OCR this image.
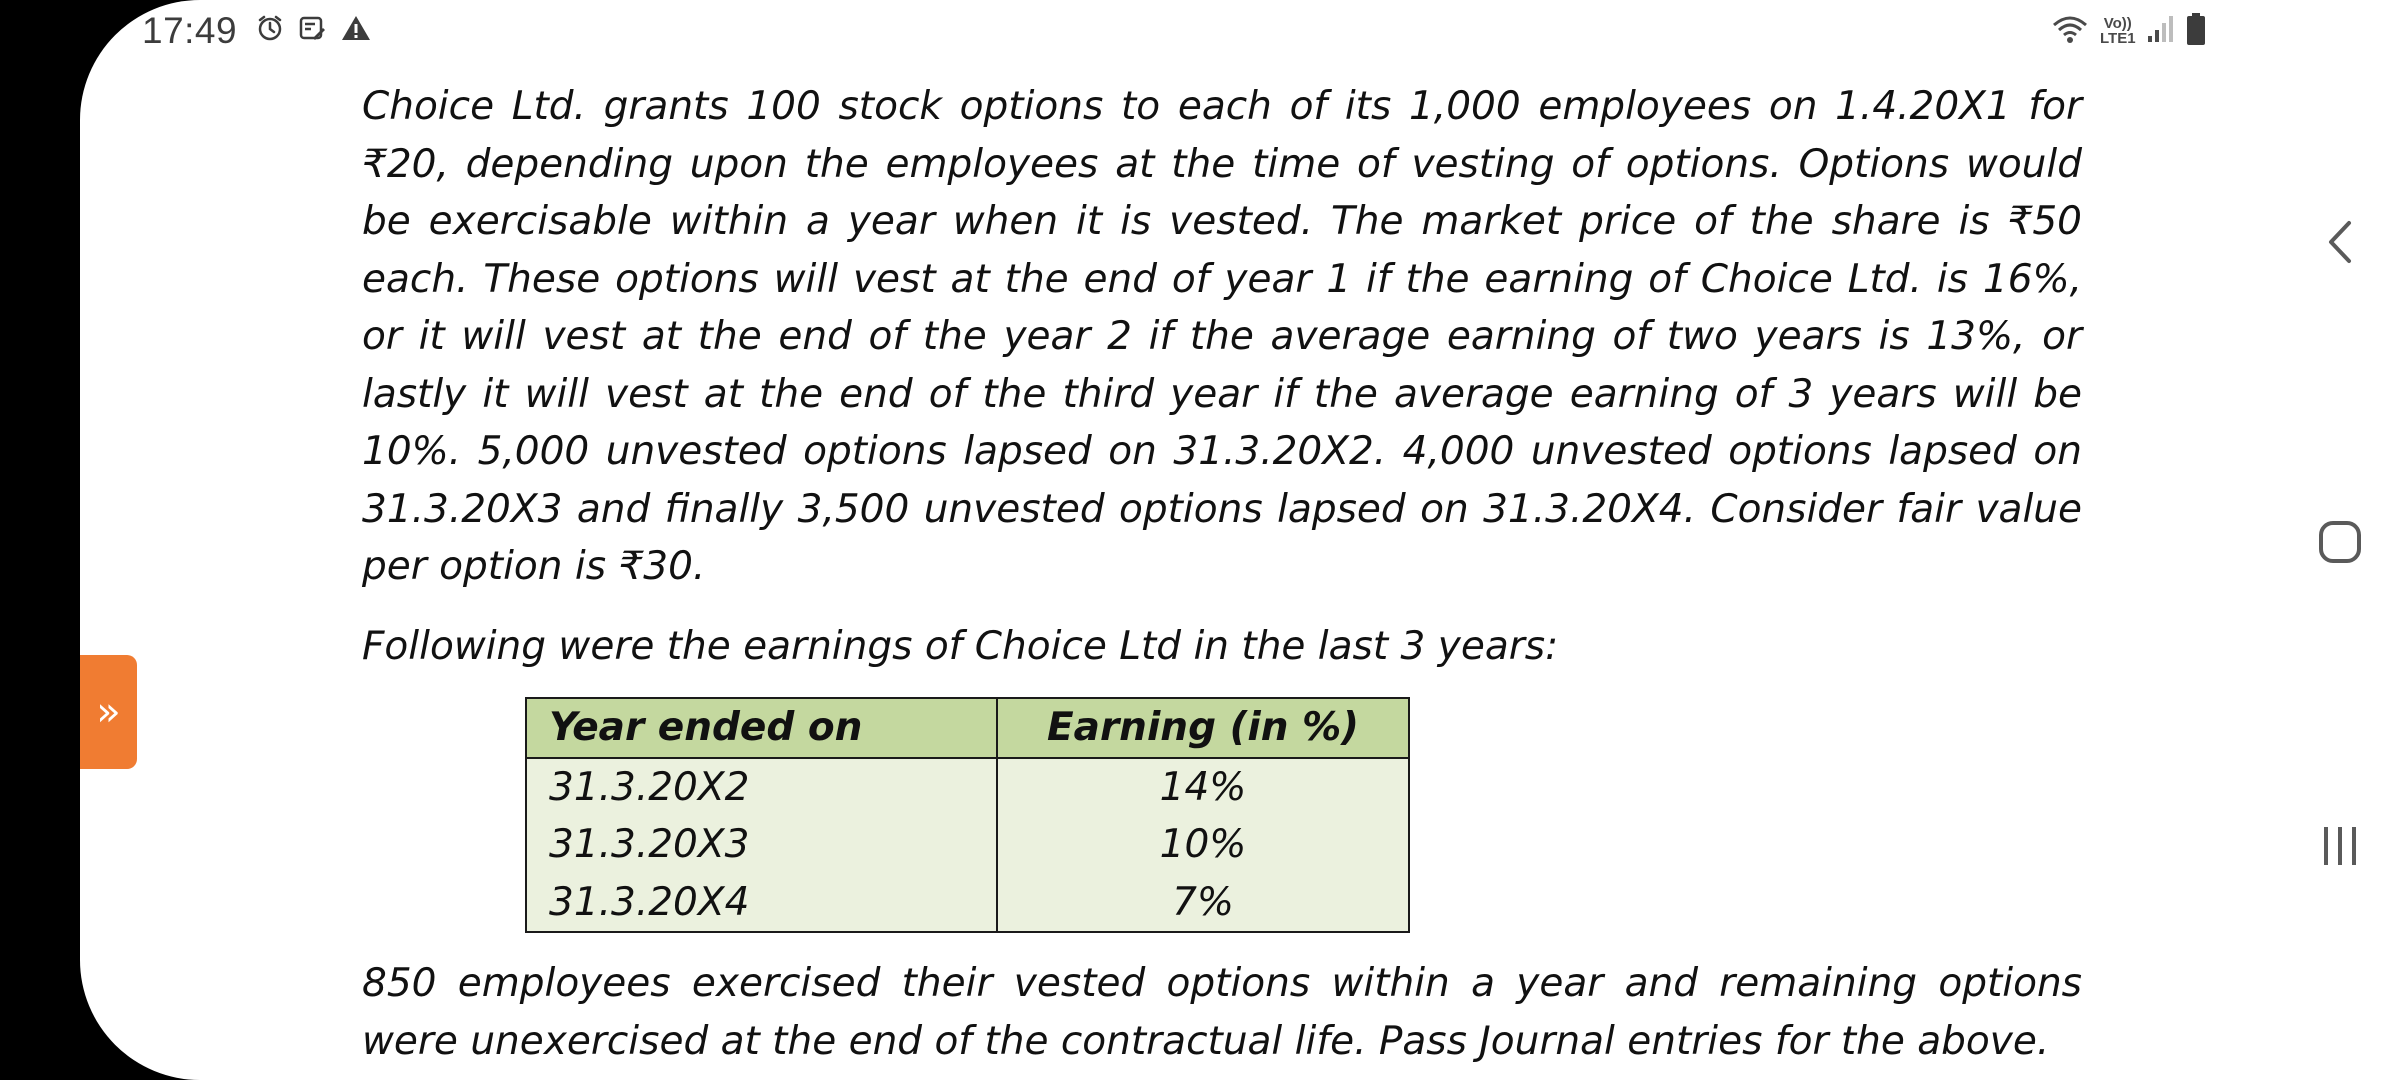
17:49	Vo))
LTE1

Choice Ltd. grants 100 stock options to each of its 1,000 employees on 1.4.20X1 for ₹20, depending upon the employees at the time of vesting of options. Options would be exercisable within a year when it is vested. The market price of the share is ₹50 each. These options will vest at the end of year 1 if the earning of Choice Ltd. is 16%, or it will vest at the end of the year 2 if the average earning of two years is 13%, or lastly it will vest at the end of the third year if the average earning of 3 years will be 10%. 5,000 unvested options lapsed on 31.3.20X2. 4,000 unvested options lapsed on 31.3.20X3 and finally 3,500 unvested options lapsed on 31.3.20X4. Consider fair value per option is ₹30.

Following were the earnings of Choice Ltd in the last 3 years:

Year ended on	Earning (in %)
31.3.20X2	14%
31.3.20X3	10%
31.3.20X4	7%

850 employees exercised their vested options within a year and remaining options were unexercised at the end of the contractual life. Pass Journal entries for the above.

»
